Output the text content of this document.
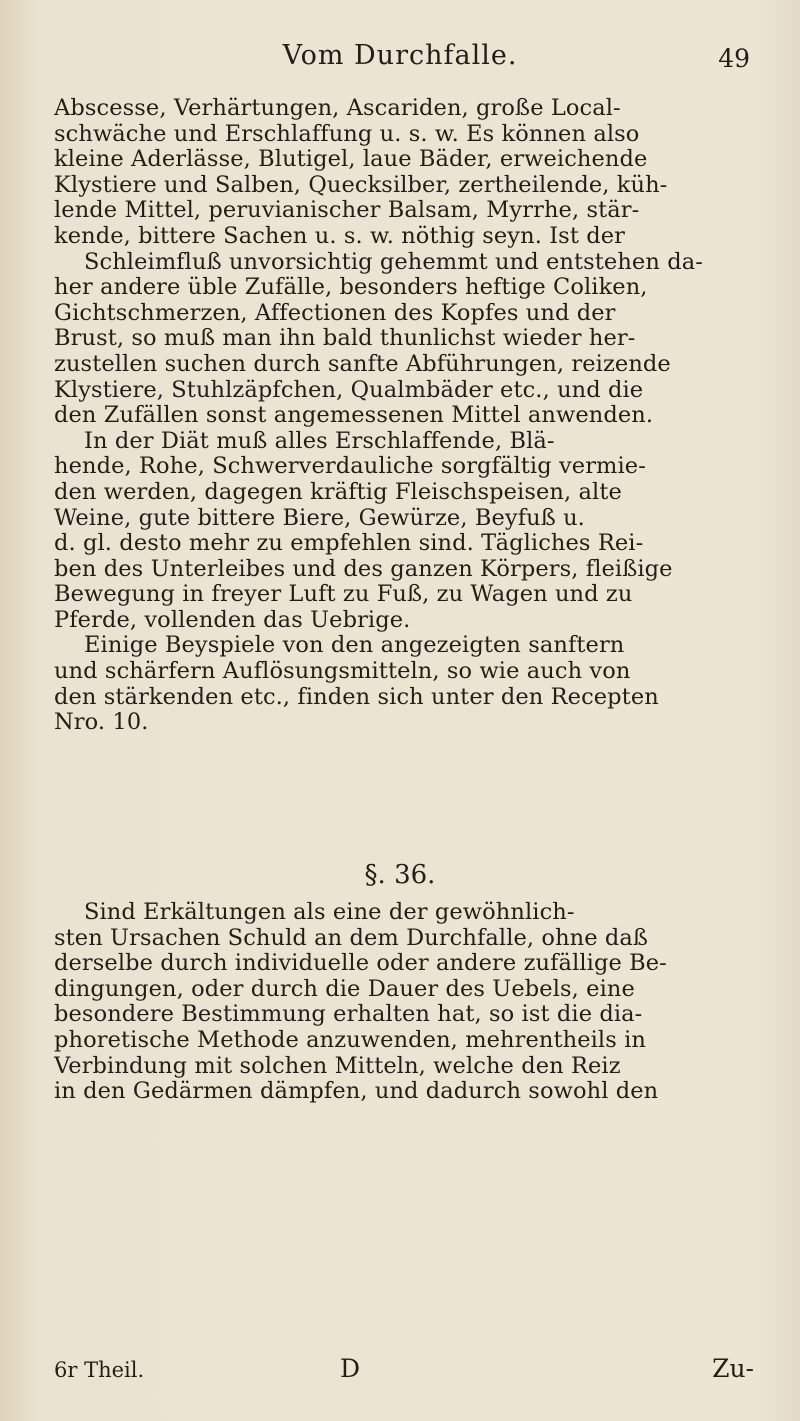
Vom Durchfalle.	49
Abscesse, Verhärtungen, Ascariden, große Local-
schwäche und Erschlaffung u. s. w. Es können also
kleine Aderlässe, Blutigel, laue Bäder, erweichende
Klystiere und Salben, Quecksilber, zertheilende, küh-
lende Mittel, peruvianischer Balsam, Myrrhe, stär-
kende, bittere Sachen u. s. w. nöthig seyn. Ist der
Schleimfluß unvorsichtig gehemmt und entstehen da-
her andere üble Zufälle, besonders heftige Coliken,
Gichtschmerzen, Affectionen des Kopfes und der
Brust, so muß man ihn bald thunlichst wieder her-
zustellen suchen durch sanfte Abführungen, reizende
Klystiere, Stuhlzäpfchen, Qualmbäder etc., und die
den Zufällen sonst angemessenen Mittel anwenden.
In der Diät muß alles Erschlaffende, Blä-
hende, Rohe, Schwerverdauliche sorgfältig vermie-
den werden, dagegen kräftig Fleischspeisen, alte
Weine, gute bittere Biere, Gewürze, Beyfuß u.
d. gl. desto mehr zu empfehlen sind. Tägliches Rei-
ben des Unterleibes und des ganzen Körpers, fleißige
Bewegung in freyer Luft zu Fuß, zu Wagen und zu
Pferde, vollenden das Uebrige.
Einige Beyspiele von den angezeigten sanftern
und schärfern Auflösungsmitteln, so wie auch von
den stärkenden etc., finden sich unter den Recepten
Nro. 10.
§. 36.
Sind Erkältungen als eine der gewöhnlich-
sten Ursachen Schuld an dem Durchfalle, ohne daß
derselbe durch individuelle oder andere zufällige Be-
dingungen, oder durch die Dauer des Uebels, eine
besondere Bestimmung erhalten hat, so ist die dia-
phoretische Methode anzuwenden, mehrentheils in
Verbindung mit solchen Mitteln, welche den Reiz
in den Gedärmen dämpfen, und dadurch sowohl den
6r Theil.	D	Zu-
